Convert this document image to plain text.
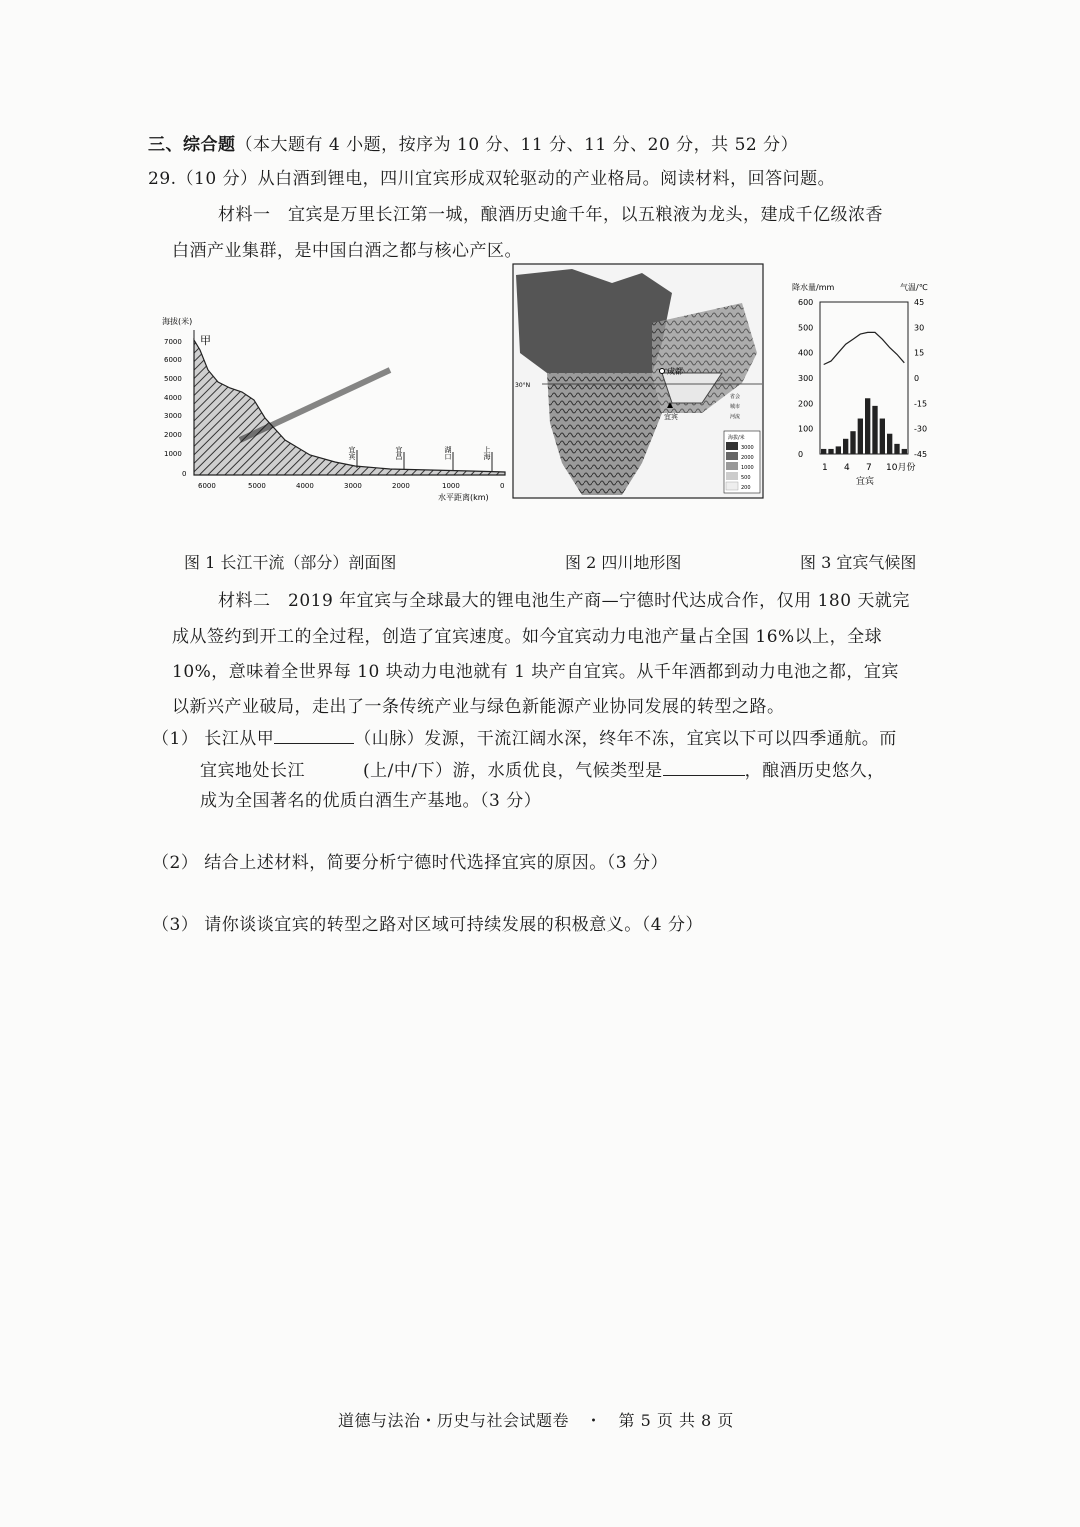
三、综合题（本大题有 4 小题，按序为 10 分、11 分、11 分、20 分，共 52 分）
29.（10 分）从白酒到锂电，四川宜宾形成双轮驱动的产业格局。阅读材料，回答问题。
材料一　宜宾是万里长江第一城，酿酒历史逾千年，以五粮液为龙头，建成千亿级浓香
白酒产业集群，是中国白酒之都与核心产区。
海拔(米)
7000
6000
5000
4000
3000
2000
1000
0
甲
宜宾	宜昌	湖口	上海
6000	5000	4000	3000	2000	1000	0
水平距离(km)
30°N
成都
宜宾
省会
城市
河流
海拔/米
3000
2000
1000
500
200
降水量/mm	气温/℃
600
500
400
300
200
100
0
45
30
15
0
-15
-30
-45
1 4 7 10月份
宜宾
图 1 长江干流（部分）剖面图	图 2 四川地形图	图 3 宜宾气候图
材料二　2019 年宜宾与全球最大的锂电池生产商—宁德时代达成合作，仅用 180 天就完
成从签约到开工的全过程，创造了宜宾速度。如今宜宾动力电池产量占全国 16%以上，全球
10%，意味着全世界每 10 块动力电池就有 1 块产自宜宾。从千年酒都到动力电池之都，宜宾
以新兴产业破局，走出了一条传统产业与绿色新能源产业协同发展的转型之路。
（1） 长江从甲	（山脉）发源，干流江阔水深，终年不冻，宜宾以下可以四季通航。而
宜宾地处长江	(上/中/下）游，水质优良，气候类型是	，酿酒历史悠久，
成为全国著名的优质白酒生产基地。（3 分）
（2） 结合上述材料，简要分析宁德时代选择宜宾的原因。（3 分）
（3） 请你谈谈宜宾的转型之路对区域可持续发展的积极意义。（4 分）
道德与法治・历史与社会试题卷　・　第 5 页 共 8 页
